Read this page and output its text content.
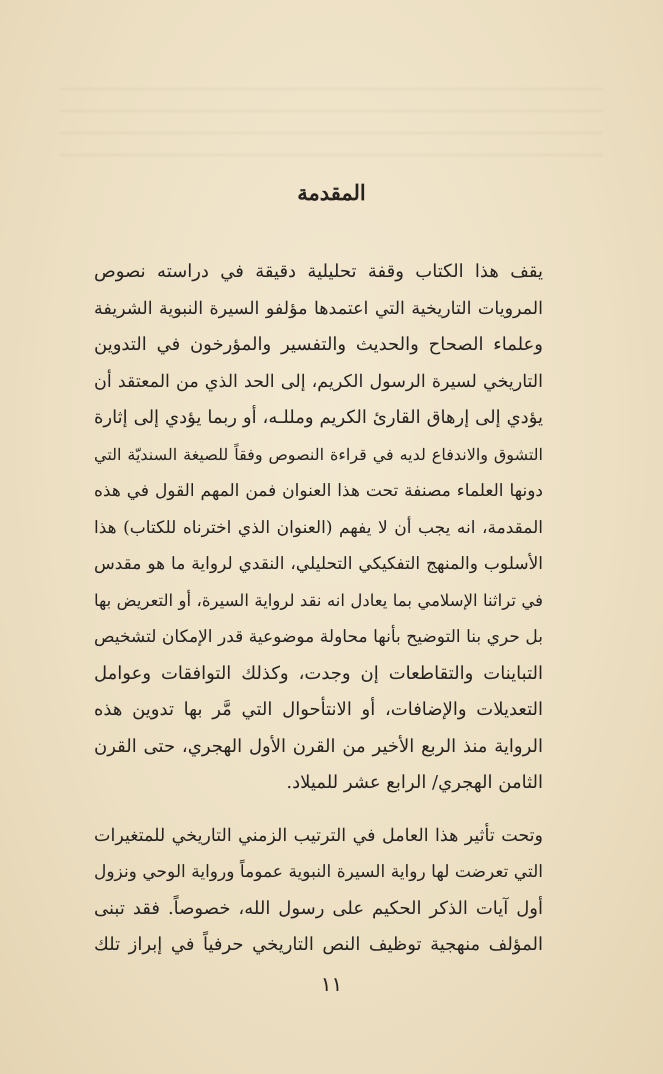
المقدمة

يقف هذا الكتاب وقفة تحليلية دقيقة في دراسته نصوص

المرويات التاريخية التي اعتمدها مؤلفو السيرة النبوية الشريفة

وعلماء الصحاح والحديث والتفسير والمؤرخون في التدوين

التاريخي لسيرة الرسول الكريم، إلى الحد الذي من المعتقد أن

يؤدي إلى إرهاق القارئ الكريم ومللـه، أو ربما يؤدي إلى إثارة

التشوق والاندفاع لديه في قراءة النصوص وفقاً للصيغة السنديّة التي

دونها العلماء مصنفة تحت هذا العنوان فمن المهم القول في هذه

المقدمة، انه يجب أن لا يفهم (العنوان الذي اخترناه للكتاب) هذا

الأسلوب والمنهج التفكيكي التحليلي، النقدي لرواية ما هو مقدس

في تراثنا الإسلامي بما يعادل انه نقد لرواية السيرة، أو التعريض بها

بل حري بنا التوضيح بأنها محاولة موضوعية قدر الإمكان لتشخيص

التباينات والتقاطعات إن وجدت، وكذلك التوافقات وعوامل

التعديلات والإضافات، أو الانتأحوال التي مَّر بها تدوين هذه

الرواية منذ الربع الأخير من القرن الأول الهجري، حتى القرن

الثامن الهجري/ الرابع عشر للميلاد.

وتحت تأثير هذا العامل في الترتيب الزمني التاريخي للمتغيرات

التي تعرضت لها رواية السيرة النبوية عموماً ورواية الوحي ونزول

أول آيات الذكر الحكيم على رسول الله، خصوصاً. فقد تبنى

المؤلف منهجية توظيف النص التاريخي حرفياً في إبراز تلك

١١
